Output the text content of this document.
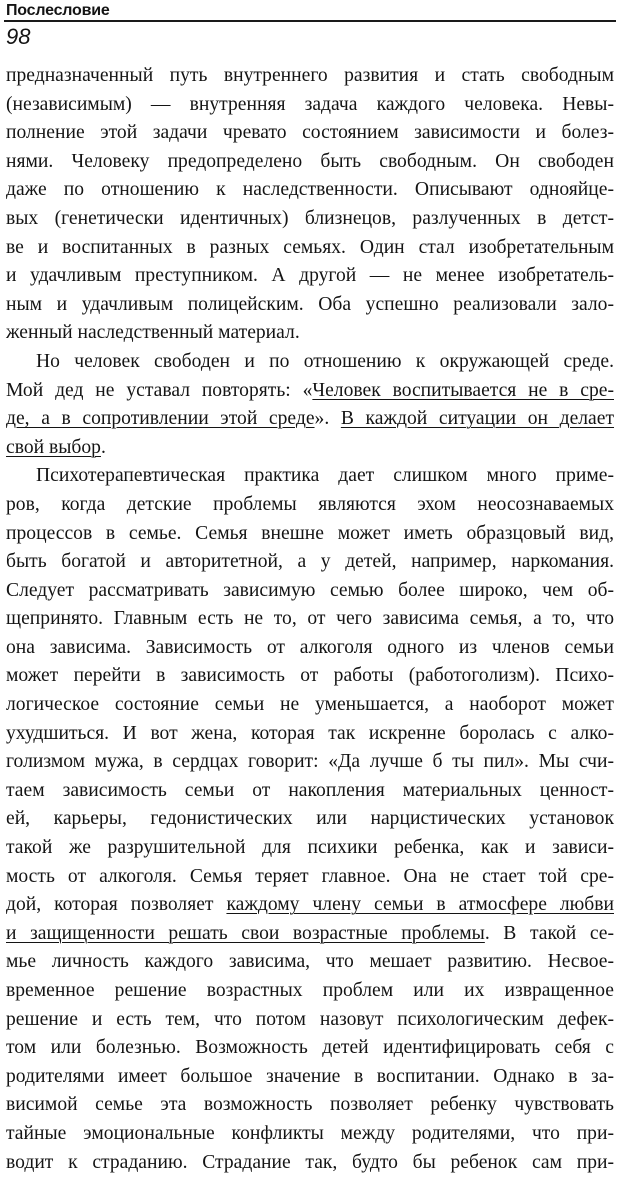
Послесловие
98
предназначенный путь внутреннего развития и стать свободным
(независимым) — внутренняя задача каждого человека. Невы-
полнение этой задачи чревато состоянием зависимости и болез-
нями. Человеку предопределено быть свободным. Он свободен
даже по отношению к наследственности. Описывают однояйце-
вых (генетически идентичных) близнецов, разлученных в детст-
ве и воспитанных в разных семьях. Один стал изобретательным
и удачливым преступником. А другой — не менее изобретатель-
ным и удачливым полицейским. Оба успешно реализовали зало-
женный наследственный материал.
Но человек свободен и по отношению к окружающей среде.
Мой дед не уставал повторять: «Человек воспитывается не в сре-
де, а в сопротивлении этой среде». В каждой ситуации он делает
свой выбор.
Психотерапевтическая практика дает слишком много приме-
ров, когда детские проблемы являются эхом неосознаваемых
процессов в семье. Семья внешне может иметь образцовый вид,
быть богатой и авторитетной, а у детей, например, наркомания.
Следует рассматривать зависимую семью более широко, чем об-
щепринято. Главным есть не то, от чего зависима семья, а то, что
она зависима. Зависимость от алкоголя одного из членов семьи
может перейти в зависимость от работы (работоголизм). Психо-
логическое состояние семьи не уменьшается, а наоборот может
ухудшиться. И вот жена, которая так искренне боролась с алко-
голизмом мужа, в сердцах говорит: «Да лучше б ты пил». Мы счи-
таем зависимость семьи от накопления материальных ценност-
ей, карьеры, гедонистических или нарцистических установок
такой же разрушительной для психики ребенка, как и зависи-
мость от алкоголя. Семья теряет главное. Она не стает той сре-
дой, которая позволяет каждому члену семьи в атмосфере любви
и защищенности решать свои возрастные проблемы. В такой се-
мье личность каждого зависима, что мешает развитию. Несвое-
временное решение возрастных проблем или их извращенное
решение и есть тем, что потом назовут психологическим дефек-
том или болезнью. Возможность детей идентифицировать себя с
родителями имеет большое значение в воспитании. Однако в за-
висимой семье эта возможность позволяет ребенку чувствовать
тайные эмоциональные конфликты между родителями, что при-
водит к страданию. Страдание так, будто бы ребенок сам при-
